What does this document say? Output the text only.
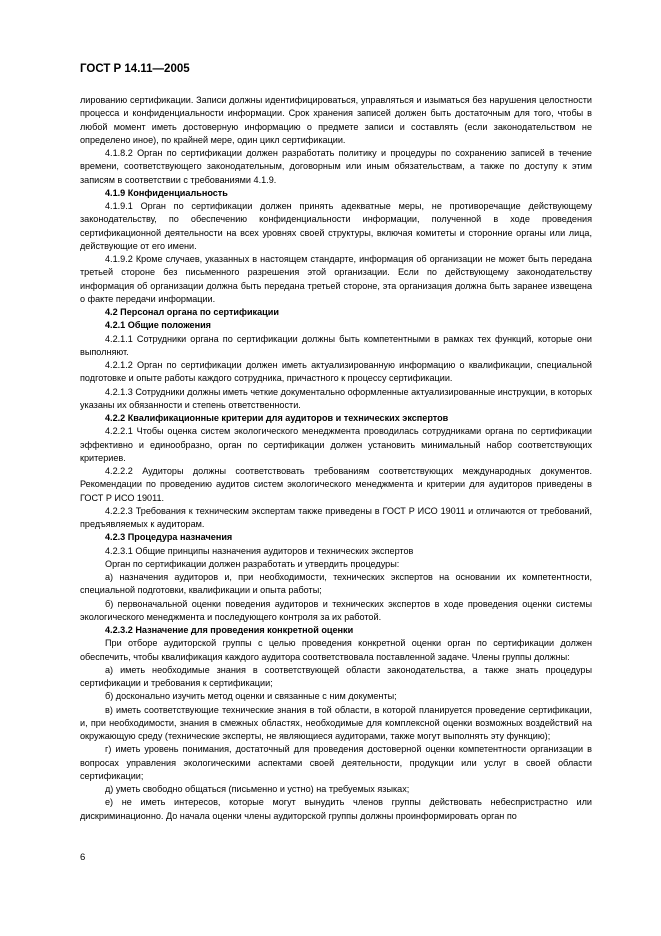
ГОСТ Р 14.11—2005

лированию сертификации. Записи должны идентифицироваться, управляться и изыматься без нарушения целостности процесса и конфиденциальности информации. Срок хранения записей должен быть достаточным для того, чтобы в любой момент иметь достоверную информацию о предмете записи и составлять (если законодательством не определено иное), по крайней мере, один цикл сертификации.

4.1.8.2 Орган по сертификации должен разработать политику и процедуры по сохранению записей в течение времени, соответствующего законодательным, договорным или иным обязательствам, а также по доступу к этим записям в соответствии с требованиями 4.1.9.

4.1.9 Конфиденциальность

4.1.9.1 Орган по сертификации должен принять адекватные меры, не противоречащие действующему законодательству, по обеспечению конфиденциальности информации, полученной в ходе проведения сертификационной деятельности на всех уровнях своей структуры, включая комитеты и сторонние органы или лица, действующие от его имени.

4.1.9.2 Кроме случаев, указанных в настоящем стандарте, информация об организации не может быть передана третьей стороне без письменного разрешения этой организации. Если по действующему законодательству информация об организации должна быть передана третьей стороне, эта организация должна быть заранее извещена о факте передачи информации.

4.2 Персонал органа по сертификации

4.2.1 Общие положения

4.2.1.1 Сотрудники органа по сертификации должны быть компетентными в рамках тех функций, которые они выполняют.

4.2.1.2 Орган по сертификации должен иметь актуализированную информацию о квалификации, специальной подготовке и опыте работы каждого сотрудника, причастного к процессу сертификации.

4.2.1.3 Сотрудники должны иметь четкие документально оформленные актуализированные инструкции, в которых указаны их обязанности и степень ответственности.

4.2.2 Квалификационные критерии для аудиторов и технических экспертов

4.2.2.1 Чтобы оценка систем экологического менеджмента проводилась сотрудниками органа по сертификации эффективно и единообразно, орган по сертификации должен установить минимальный набор соответствующих критериев.

4.2.2.2 Аудиторы должны соответствовать требованиям соответствующих международных документов. Рекомендации по проведению аудитов систем экологического менеджмента и критерии для аудиторов приведены в ГОСТ Р ИСО 19011.

4.2.2.3 Требования к техническим экспертам также приведены в ГОСТ Р ИСО 19011 и отличаются от требований, предъявляемых к аудиторам.

4.2.3 Процедура назначения

4.2.3.1 Общие принципы назначения аудиторов и технических экспертов

Орган по сертификации должен разработать и утвердить процедуры:

а) назначения аудиторов и, при необходимости, технических экспертов на основании их компетентности, специальной подготовки, квалификации и опыта работы;

б) первоначальной оценки поведения аудиторов и технических экспертов в ходе проведения оценки системы экологического менеджмента и последующего контроля за их работой.

4.2.3.2 Назначение для проведения конкретной оценки

При отборе аудиторской группы с целью проведения конкретной оценки орган по сертификации должен обеспечить, чтобы квалификация каждого аудитора соответствовала поставленной задаче. Члены группы должны:

а) иметь необходимые знания в соответствующей области законодательства, а также знать процедуры сертификации и требования к сертификации;

б) досконально изучить метод оценки и связанные с ним документы;

в) иметь соответствующие технические знания в той области, в которой планируется проведение сертификации, и, при необходимости, знания в смежных областях, необходимые для комплексной оценки возможных воздействий на окружающую среду (технические эксперты, не являющиеся аудиторами, также могут выполнять эту функцию);

г) иметь уровень понимания, достаточный для проведения достоверной оценки компетентности организации в вопросах управления экологическими аспектами своей деятельности, продукции или услуг в своей области сертификации;

д) уметь свободно общаться (письменно и устно) на требуемых языках;

е) не иметь интересов, которые могут вынудить членов группы действовать небеспристрастно или дискриминационно. До начала оценки члены аудиторской группы должны проинформировать орган по

6
